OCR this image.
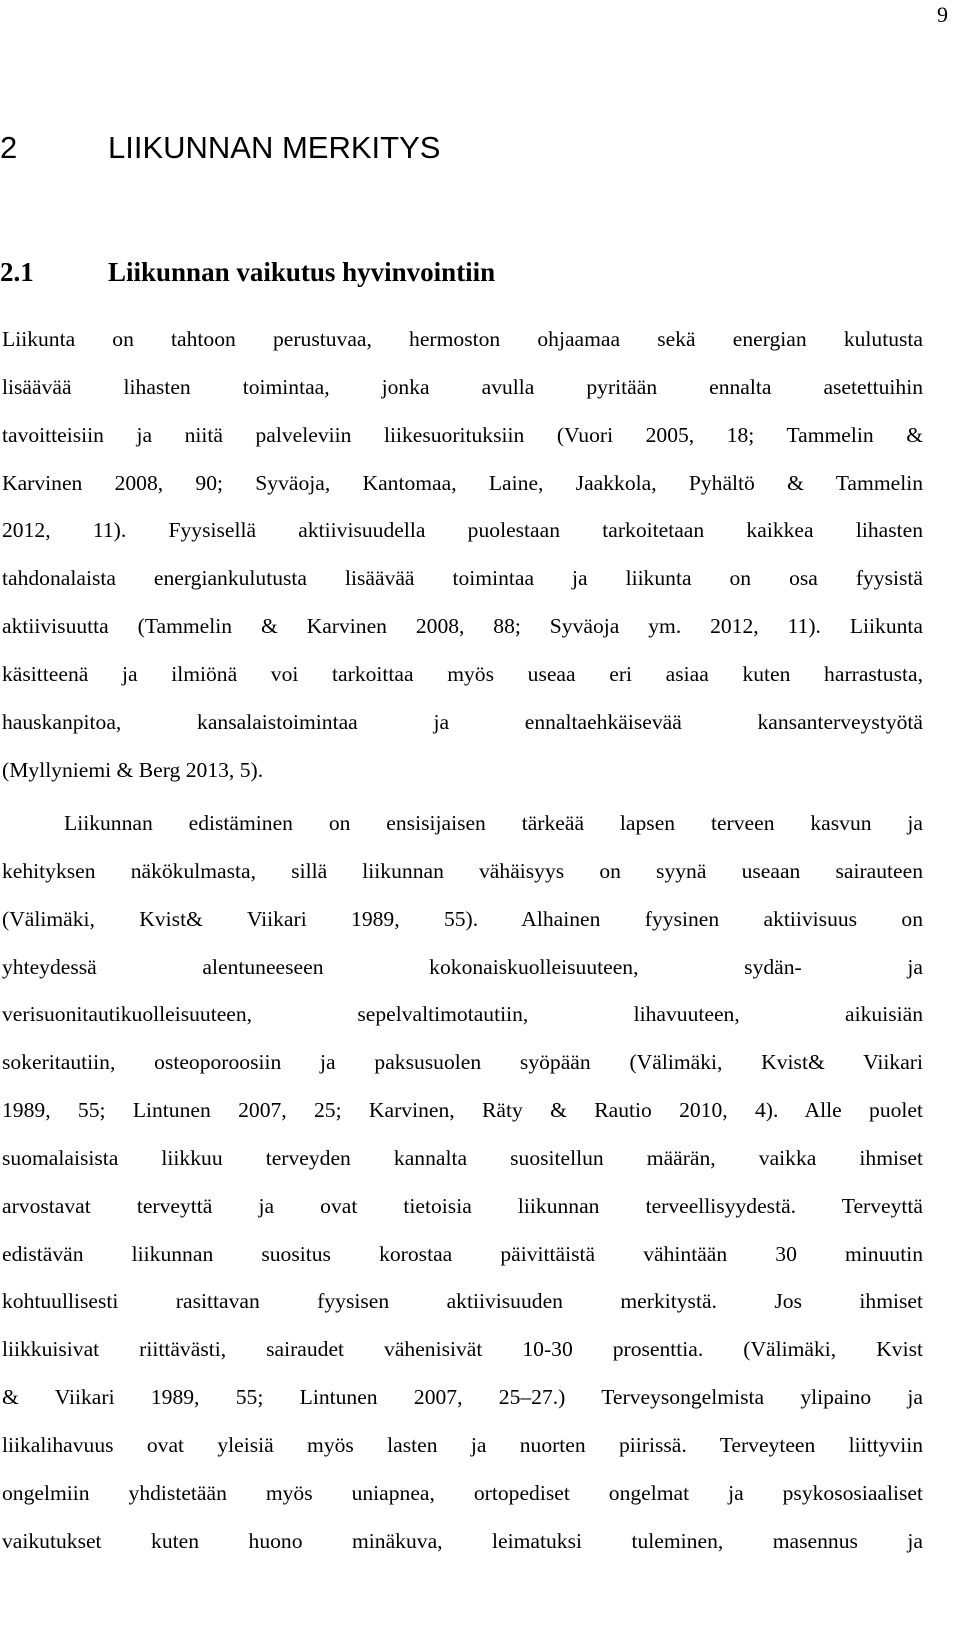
9
2	LIIKUNNAN MERKITYS
2.1	Liikunnan vaikutus hyvinvointiin
Liikunta on tahtoon perustuvaa, hermoston ohjaamaa sekä energian kulutusta
lisäävää lihasten toimintaa, jonka avulla pyritään ennalta asetettuihin
tavoitteisiin ja niitä palveleviin liikesuorituksiin (Vuori 2005, 18; Tammelin &
Karvinen 2008, 90; Syväoja, Kantomaa, Laine, Jaakkola, Pyhältö & Tammelin
2012, 11). Fyysisellä aktiivisuudella puolestaan tarkoitetaan kaikkea lihasten
tahdonalaista energiankulutusta lisäävää toimintaa ja liikunta on osa fyysistä
aktiivisuutta (Tammelin & Karvinen 2008, 88; Syväoja ym. 2012, 11). Liikunta
käsitteenä ja ilmiönä voi tarkoittaa myös useaa eri asiaa kuten harrastusta,
hauskanpitoa, kansalaistoimintaa ja ennaltaehkäisevää kansanterveystyötä
(Myllyniemi & Berg 2013, 5).
Liikunnan edistäminen on ensisijaisen tärkeää lapsen terveen kasvun ja
kehityksen näkökulmasta, sillä liikunnan vähäisyys on syynä useaan sairauteen
(Välimäki, Kvist& Viikari 1989, 55). Alhainen fyysinen aktiivisuus on
yhteydessä alentuneeseen kokonaiskuolleisuuteen, sydän- ja
verisuonitautikuolleisuuteen, sepelvaltimotautiin, lihavuuteen, aikuisiän
sokeritautiin, osteoporoosiin ja paksusuolen syöpään (Välimäki, Kvist& Viikari
1989, 55; Lintunen 2007, 25; Karvinen, Räty & Rautio 2010, 4). Alle puolet
suomalaisista liikkuu terveyden kannalta suositellun määrän, vaikka ihmiset
arvostavat terveyttä ja ovat tietoisia liikunnan terveellisyydestä. Terveyttä
edistävän liikunnan suositus korostaa päivittäistä vähintään 30 minuutin
kohtuullisesti rasittavan fyysisen aktiivisuuden merkitystä. Jos ihmiset
liikkuisivat riittävästi, sairaudet vähenisivät 10-30 prosenttia. (Välimäki, Kvist
& Viikari 1989, 55; Lintunen 2007, 25–27.) Terveysongelmista ylipaino ja
liikalihavuus ovat yleisiä myös lasten ja nuorten piirissä. Terveyteen liittyviin
ongelmiin yhdistetään myös uniapnea, ortopediset ongelmat ja psykososiaaliset
vaikutukset kuten huono minäkuva, leimatuksi tuleminen, masennus ja
